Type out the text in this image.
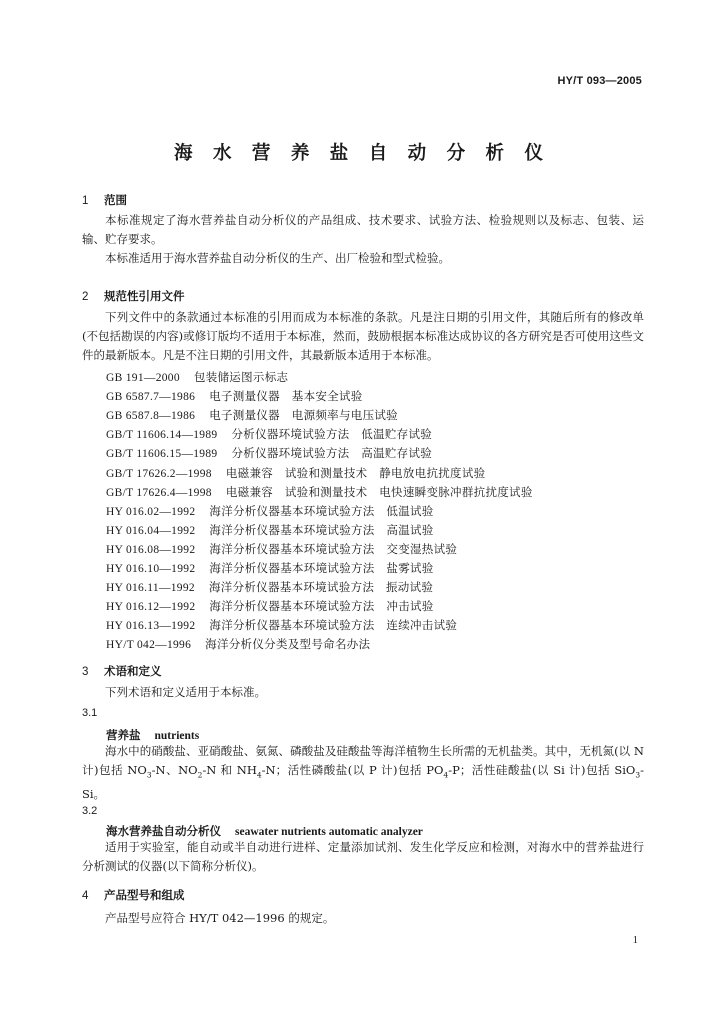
HY/T 093—2005
海 水 营 养 盐 自 动 分 析 仪
1 范围

本标准规定了海水营养盐自动分析仪的产品组成、技术要求、试验方法、检验规则以及标志、包装、运输、贮存要求。

本标准适用于海水营养盐自动分析仪的生产、出厂检验和型式检验。

2 规范性引用文件

下列文件中的条款通过本标准的引用而成为本标准的条款。凡是注日期的引用文件，其随后所有的修改单(不包括勘误的内容)或修订版均不适用于本标准，然而，鼓励根据本标准达成协议的各方研究是否可使用这些文件的最新版本。凡是不注日期的引用文件，其最新版本适用于本标准。

GB 191—2000 包装储运图示标志
GB 6587.7—1986 电子测量仪器　基本安全试验
GB 6587.8—1986 电子测量仪器　电源频率与电压试验
GB/T 11606.14—1989 分析仪器环境试验方法　低温贮存试验
GB/T 11606.15—1989 分析仪器环境试验方法　高温贮存试验
GB/T 17626.2—1998 电磁兼容　试验和测量技术　静电放电抗扰度试验
GB/T 17626.4—1998 电磁兼容　试验和测量技术　电快速瞬变脉冲群抗扰度试验
HY 016.02—1992 海洋分析仪器基本环境试验方法　低温试验
HY 016.04—1992 海洋分析仪器基本环境试验方法　高温试验
HY 016.08—1992 海洋分析仪器基本环境试验方法　交变湿热试验
HY 016.10—1992 海洋分析仪器基本环境试验方法　盐雾试验
HY 016.11—1992 海洋分析仪器基本环境试验方法　振动试验
HY 016.12—1992 海洋分析仪器基本环境试验方法　冲击试验
HY 016.13—1992 海洋分析仪器基本环境试验方法　连续冲击试验
HY/T 042—1996 海洋分析仪分类及型号命名办法
3 术语和定义

下列术语和定义适用于本标准。

3.1
营养盐 nutrients

海水中的硝酸盐、亚硝酸盐、氨氮、磷酸盐及硅酸盐等海洋植物生长所需的无机盐类。其中，无机氮(以 N 计)包括 $NO_3-N$、$NO_2-N$ 和 $NH_4-N$；活性磷酸盐(以 P 计)包括 $PO_4-P$；活性硅酸盐(以 Si 计)包括 SiO$_3$-Si。

3.2
海水营养盐自动分析仪 seawater nutrients automatic analyzer

适用于实验室，能自动或半自动进行进样、定量添加试剂、发生化学反应和检测，对海水中的营养盐进行分析测试的仪器(以下简称分析仪)。

4 产品型号和组成

产品型号应符合 HY/T 042—1996 的规定。

1
